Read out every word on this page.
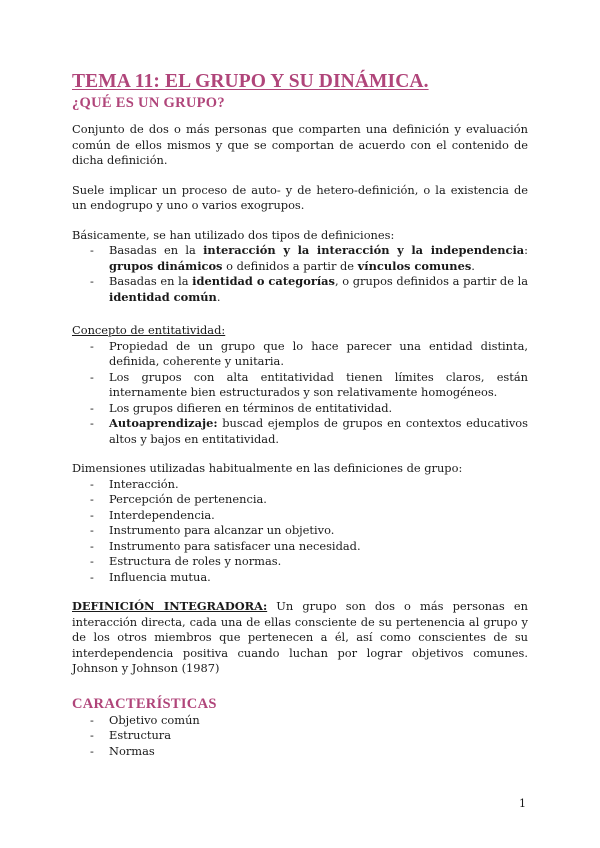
TEMA 11: EL GRUPO Y SU DINÁMICA.
¿QUÉ ES UN GRUPO?

Conjunto de dos o más personas que comparten una definición y evaluación común de ellos mismos y que se comportan de acuerdo con el contenido de dicha definición.

Suele implicar un proceso de auto- y de hetero-definición, o la existencia de un endogrupo y uno o varios exogrupos.

Básicamente, se han utilizado dos tipos de definiciones:

- Basadas en la interacción y la interacción y la independencia: grupos dinámicos o definidos a partir de vínculos comunes.
- Basadas en la identidad o categorías, o grupos definidos a partir de la identidad común.

Concepto de entitatividad:

- Propiedad de un grupo que lo hace parecer una entidad distinta, definida, coherente y unitaria.
- Los grupos con alta entitatividad tienen límites claros, están internamente bien estructurados y son relativamente homogéneos.
- Los grupos difieren en términos de entitatividad.
- Autoaprendizaje: buscad ejemplos de grupos en contextos educativos altos y bajos en entitatividad.

Dimensiones utilizadas habitualmente en las definiciones de grupo:

- Interacción.
- Percepción de pertenencia.
- Interdependencia.
- Instrumento para alcanzar un objetivo.
- Instrumento para satisfacer una necesidad.
- Estructura de roles y normas.
- Influencia mutua.

DEFINICIÓN INTEGRADORA: Un grupo son dos o más personas en interacción directa, cada una de ellas consciente de su pertenencia al grupo y de los otros miembros que pertenecen a él, así como conscientes de su interdependencia positiva cuando luchan por lograr objetivos comunes. Johnson y Johnson (1987)

CARACTERÍSTICAS
- Objetivo común
- Estructura
- Normas
1
